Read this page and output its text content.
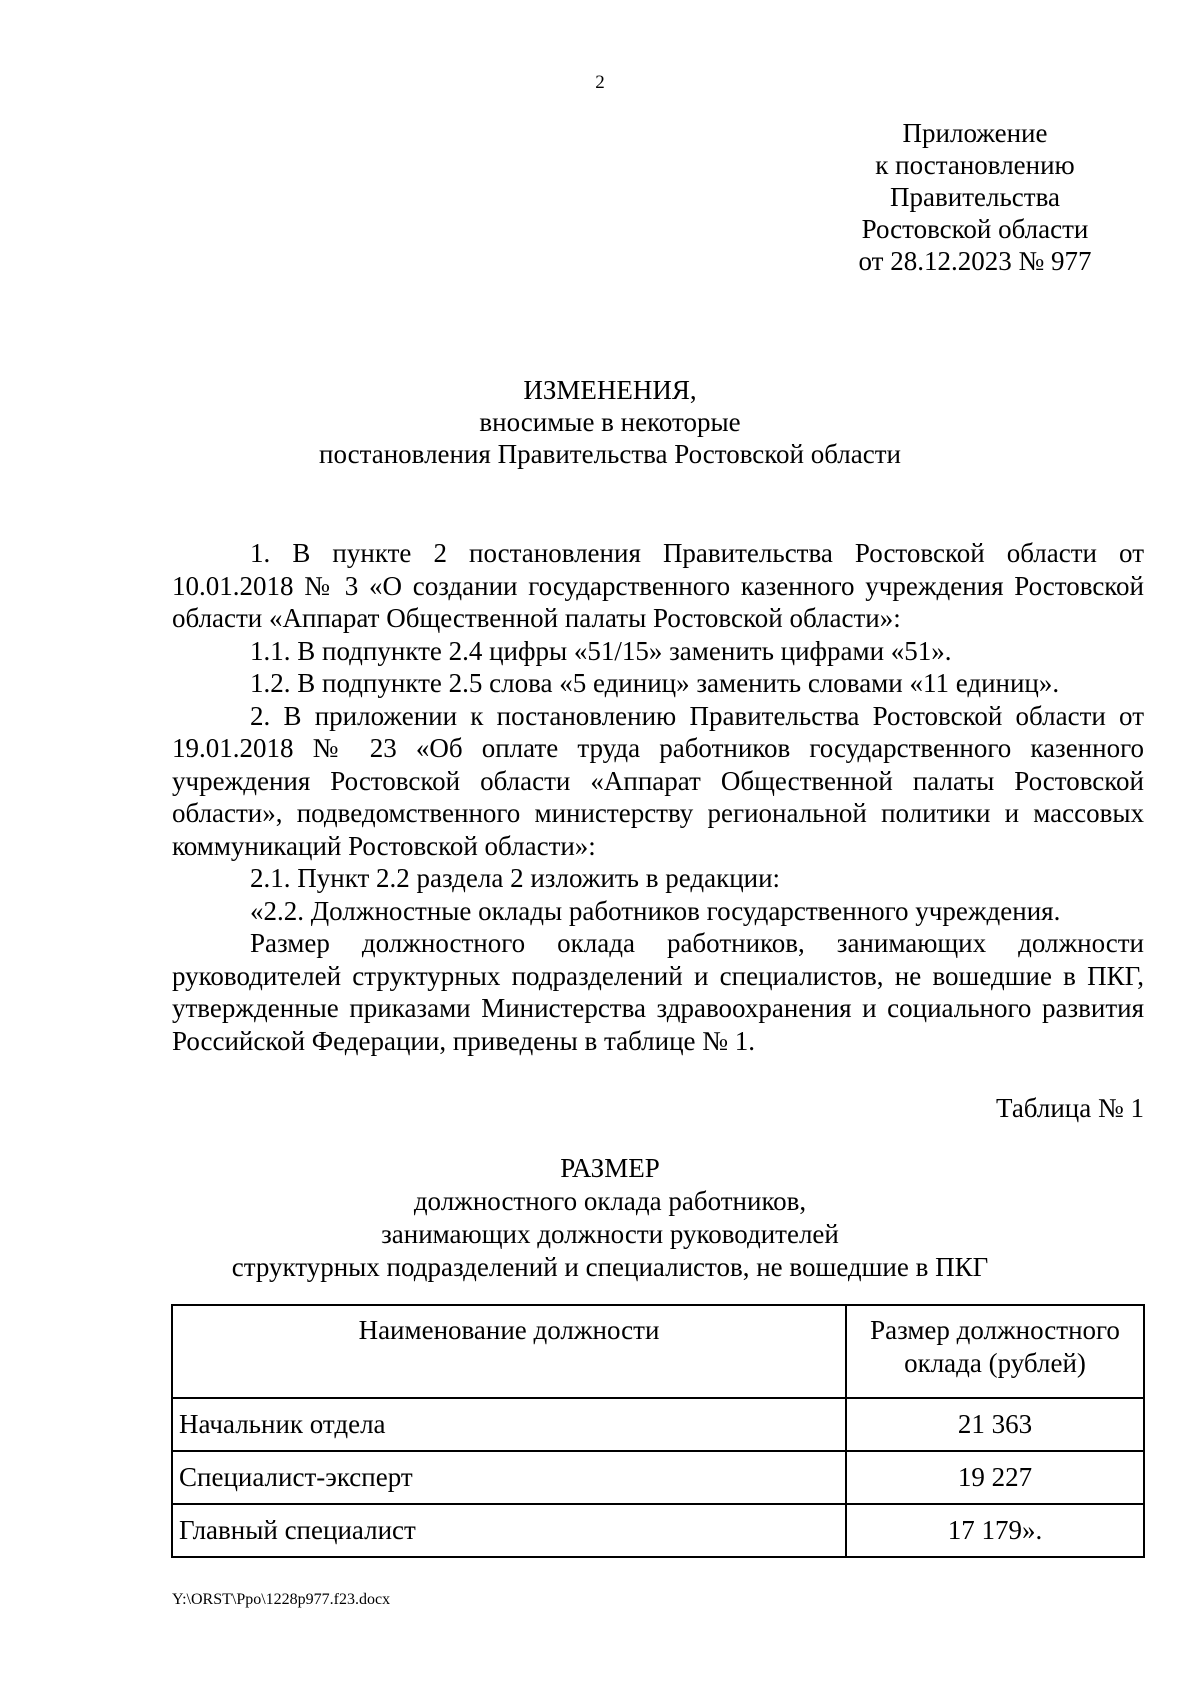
2
Приложение
к постановлению
Правительства
Ростовской области
от 28.12.2023 № 977
ИЗМЕНЕНИЯ,
вносимые в некоторые
постановления Правительства Ростовской области

1. В пункте 2 постановления Правительства Ростовской области от 10.01.2018 № 3 «О создании государственного казенного учреждения Ростовской области «Аппарат Общественной палаты Ростовской области»:

1.1. В подпункте 2.4 цифры «51/15» заменить цифрами «51».

1.2. В подпункте 2.5 слова «5 единиц» заменить словами «11 единиц».

2. В приложении к постановлению Правительства Ростовской области от 19.01.2018 № 23 «Об оплате труда работников государственного казенного учреждения Ростовской области «Аппарат Общественной палаты Ростовской области», подведомственного министерству региональной политики и массовых коммуникаций Ростовской области»:

2.1. Пункт 2.2 раздела 2 изложить в редакции:

«2.2. Должностные оклады работников государственного учреждения.

Размер должностного оклада работников, занимающих должности руководителей структурных подразделений и специалистов, не вошедшие в ПКГ, утвержденные приказами Министерства здравоохранения и социального развития Российской Федерации, приведены в таблице № 1.

Таблица № 1
РАЗМЕР
должностного оклада работников,
занимающих должности руководителей
структурных подразделений и специалистов, не вошедшие в ПКГ
Наименование должности	Размер должностного
оклада (рублей)

Начальник отдела	21 363
Специалист-эксперт	19 227
Главный специалист	17 179».
Y:\ORST\Ppo\1228p977.f23.docx
